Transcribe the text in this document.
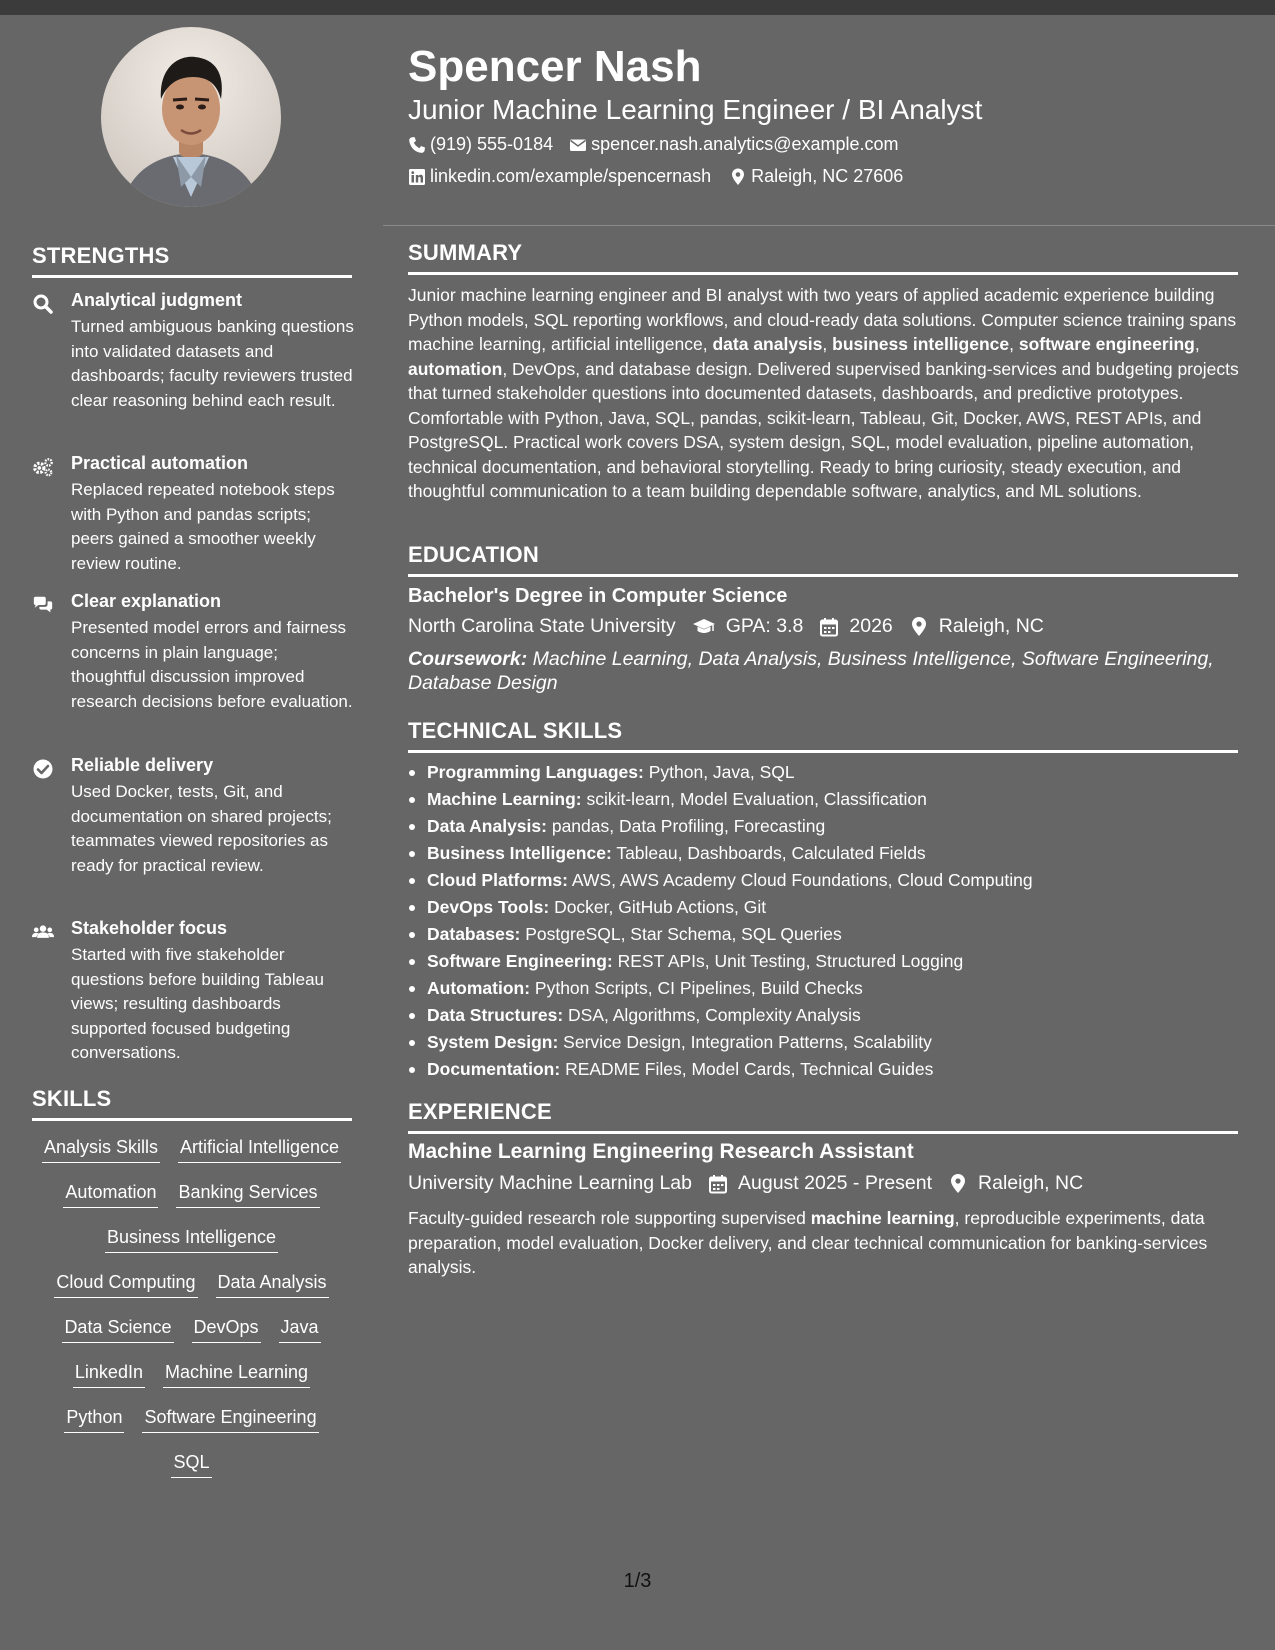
STRENGTHS
Analytical judgment
Turned ambiguous banking questions into validated datasets and dashboards; faculty reviewers trusted clear reasoning behind each result.
Practical automation
Replaced repeated notebook steps with Python and pandas scripts; peers gained a smoother weekly review routine.
Clear explanation
Presented model errors and fairness concerns in plain language; thoughtful discussion improved research decisions before evaluation.
Reliable delivery
Used Docker, tests, Git, and documentation on shared projects; teammates viewed repositories as ready for practical review.
Stakeholder focus
Started with five stakeholder questions before building Tableau views; resulting dashboards supported focused budgeting conversations.
SKILLS
Analysis Skills Artificial Intelligence
Automation Banking Services
Business Intelligence
Cloud Computing Data Analysis
Data Science DevOps Java
LinkedIn Machine Learning
Python Software Engineering
SQL
Spencer Nash
Junior Machine Learning Engineer / BI Analyst
(919) 555-0184 spencer.nash.analytics@example.com
linkedin.com/example/spencernash Raleigh, NC 27606
SUMMARY

Junior machine learning engineer and BI analyst with two years of applied academic experience building Python models, SQL reporting workflows, and cloud-ready data solutions. Computer science training spans machine learning, artificial intelligence, data analysis, business intelligence, software engineering, automation, DevOps, and database design. Delivered supervised banking-services and budgeting projects that turned stakeholder questions into documented datasets, dashboards, and predictive prototypes. Comfortable with Python, Java, SQL, pandas, scikit-learn, Tableau, Git, Docker, AWS, REST APIs, and PostgreSQL. Practical work covers DSA, system design, SQL, model evaluation, pipeline automation, technical documentation, and behavioral storytelling. Ready to bring curiosity, steady execution, and thoughtful communication to a team building dependable software, analytics, and ML solutions.

EDUCATION
Bachelor's Degree in Computer Science
North Carolina State University	GPA: 3.8 2026 Raleigh, NC
Coursework: Machine Learning, Data Analysis, Business Intelligence, Software Engineering, Database Design
TECHNICAL SKILLS
Programming Languages: Python, Java, SQL
Machine Learning: scikit-learn, Model Evaluation, Classification
Data Analysis: pandas, Data Profiling, Forecasting
Business Intelligence: Tableau, Dashboards, Calculated Fields
Cloud Platforms: AWS, AWS Academy Cloud Foundations, Cloud Computing
DevOps Tools: Docker, GitHub Actions, Git
Databases: PostgreSQL, Star Schema, SQL Queries
Software Engineering: REST APIs, Unit Testing, Structured Logging
Automation: Python Scripts, CI Pipelines, Build Checks
Data Structures: DSA, Algorithms, Complexity Analysis
System Design: Service Design, Integration Patterns, Scalability
Documentation: README Files, Model Cards, Technical Guides
EXPERIENCE
Machine Learning Engineering Research Assistant
University Machine Learning Lab August 2025 - Present Raleigh, NC

Faculty-guided research role supporting supervised machine learning, reproducible experiments, data preparation, model evaluation, Docker delivery, and clear technical communication for banking-services analysis.

1/3
